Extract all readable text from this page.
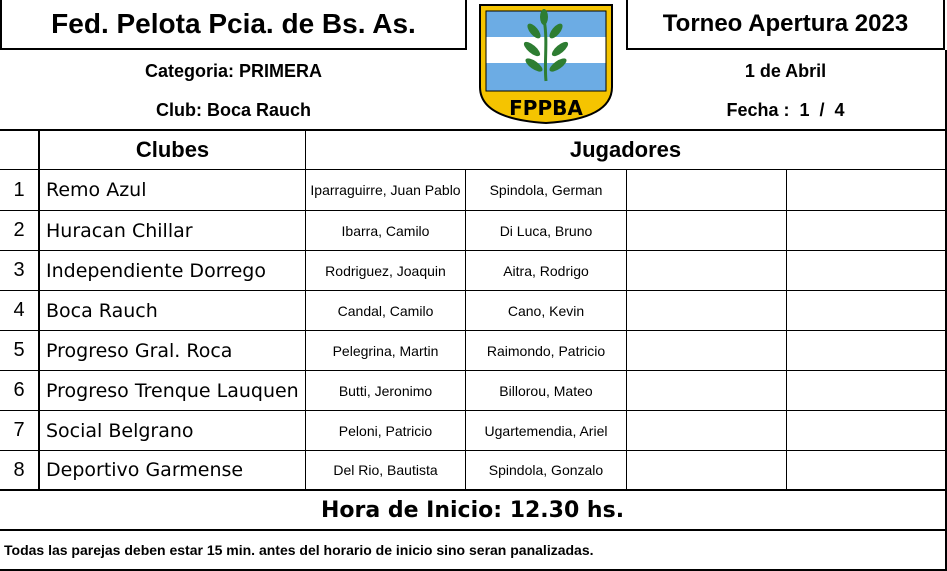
Fed. Pelota Pcia. de Bs. As.	Torneo Apertura 2023
FPPBA
Categoria: PRIMERA
Club: Boca Rauch
1 de Abril
Fecha :  1  /  4
Clubes	Jugadores
1	Remo Azul	Iparraguirre, Juan Pablo	Spindola, German
2	Huracan Chillar	Ibarra, Camilo	Di Luca, Bruno
3	Independiente Dorrego	Rodriguez, Joaquin	Aitra, Rodrigo
4	Boca Rauch	Candal, Camilo	Cano, Kevin
5	Progreso Gral. Roca	Pelegrina, Martin	Raimondo, Patricio
6	Progreso Trenque Lauquen	Butti, Jeronimo	Billorou, Mateo
7	Social Belgrano	Peloni, Patricio	Ugartemendia, Ariel
8	Deportivo Garmense	Del Rio, Bautista	Spindola, Gonzalo
Hora de Inicio: 12.30 hs.
Todas las parejas deben estar 15 min. antes del horario de inicio sino seran panalizadas.
